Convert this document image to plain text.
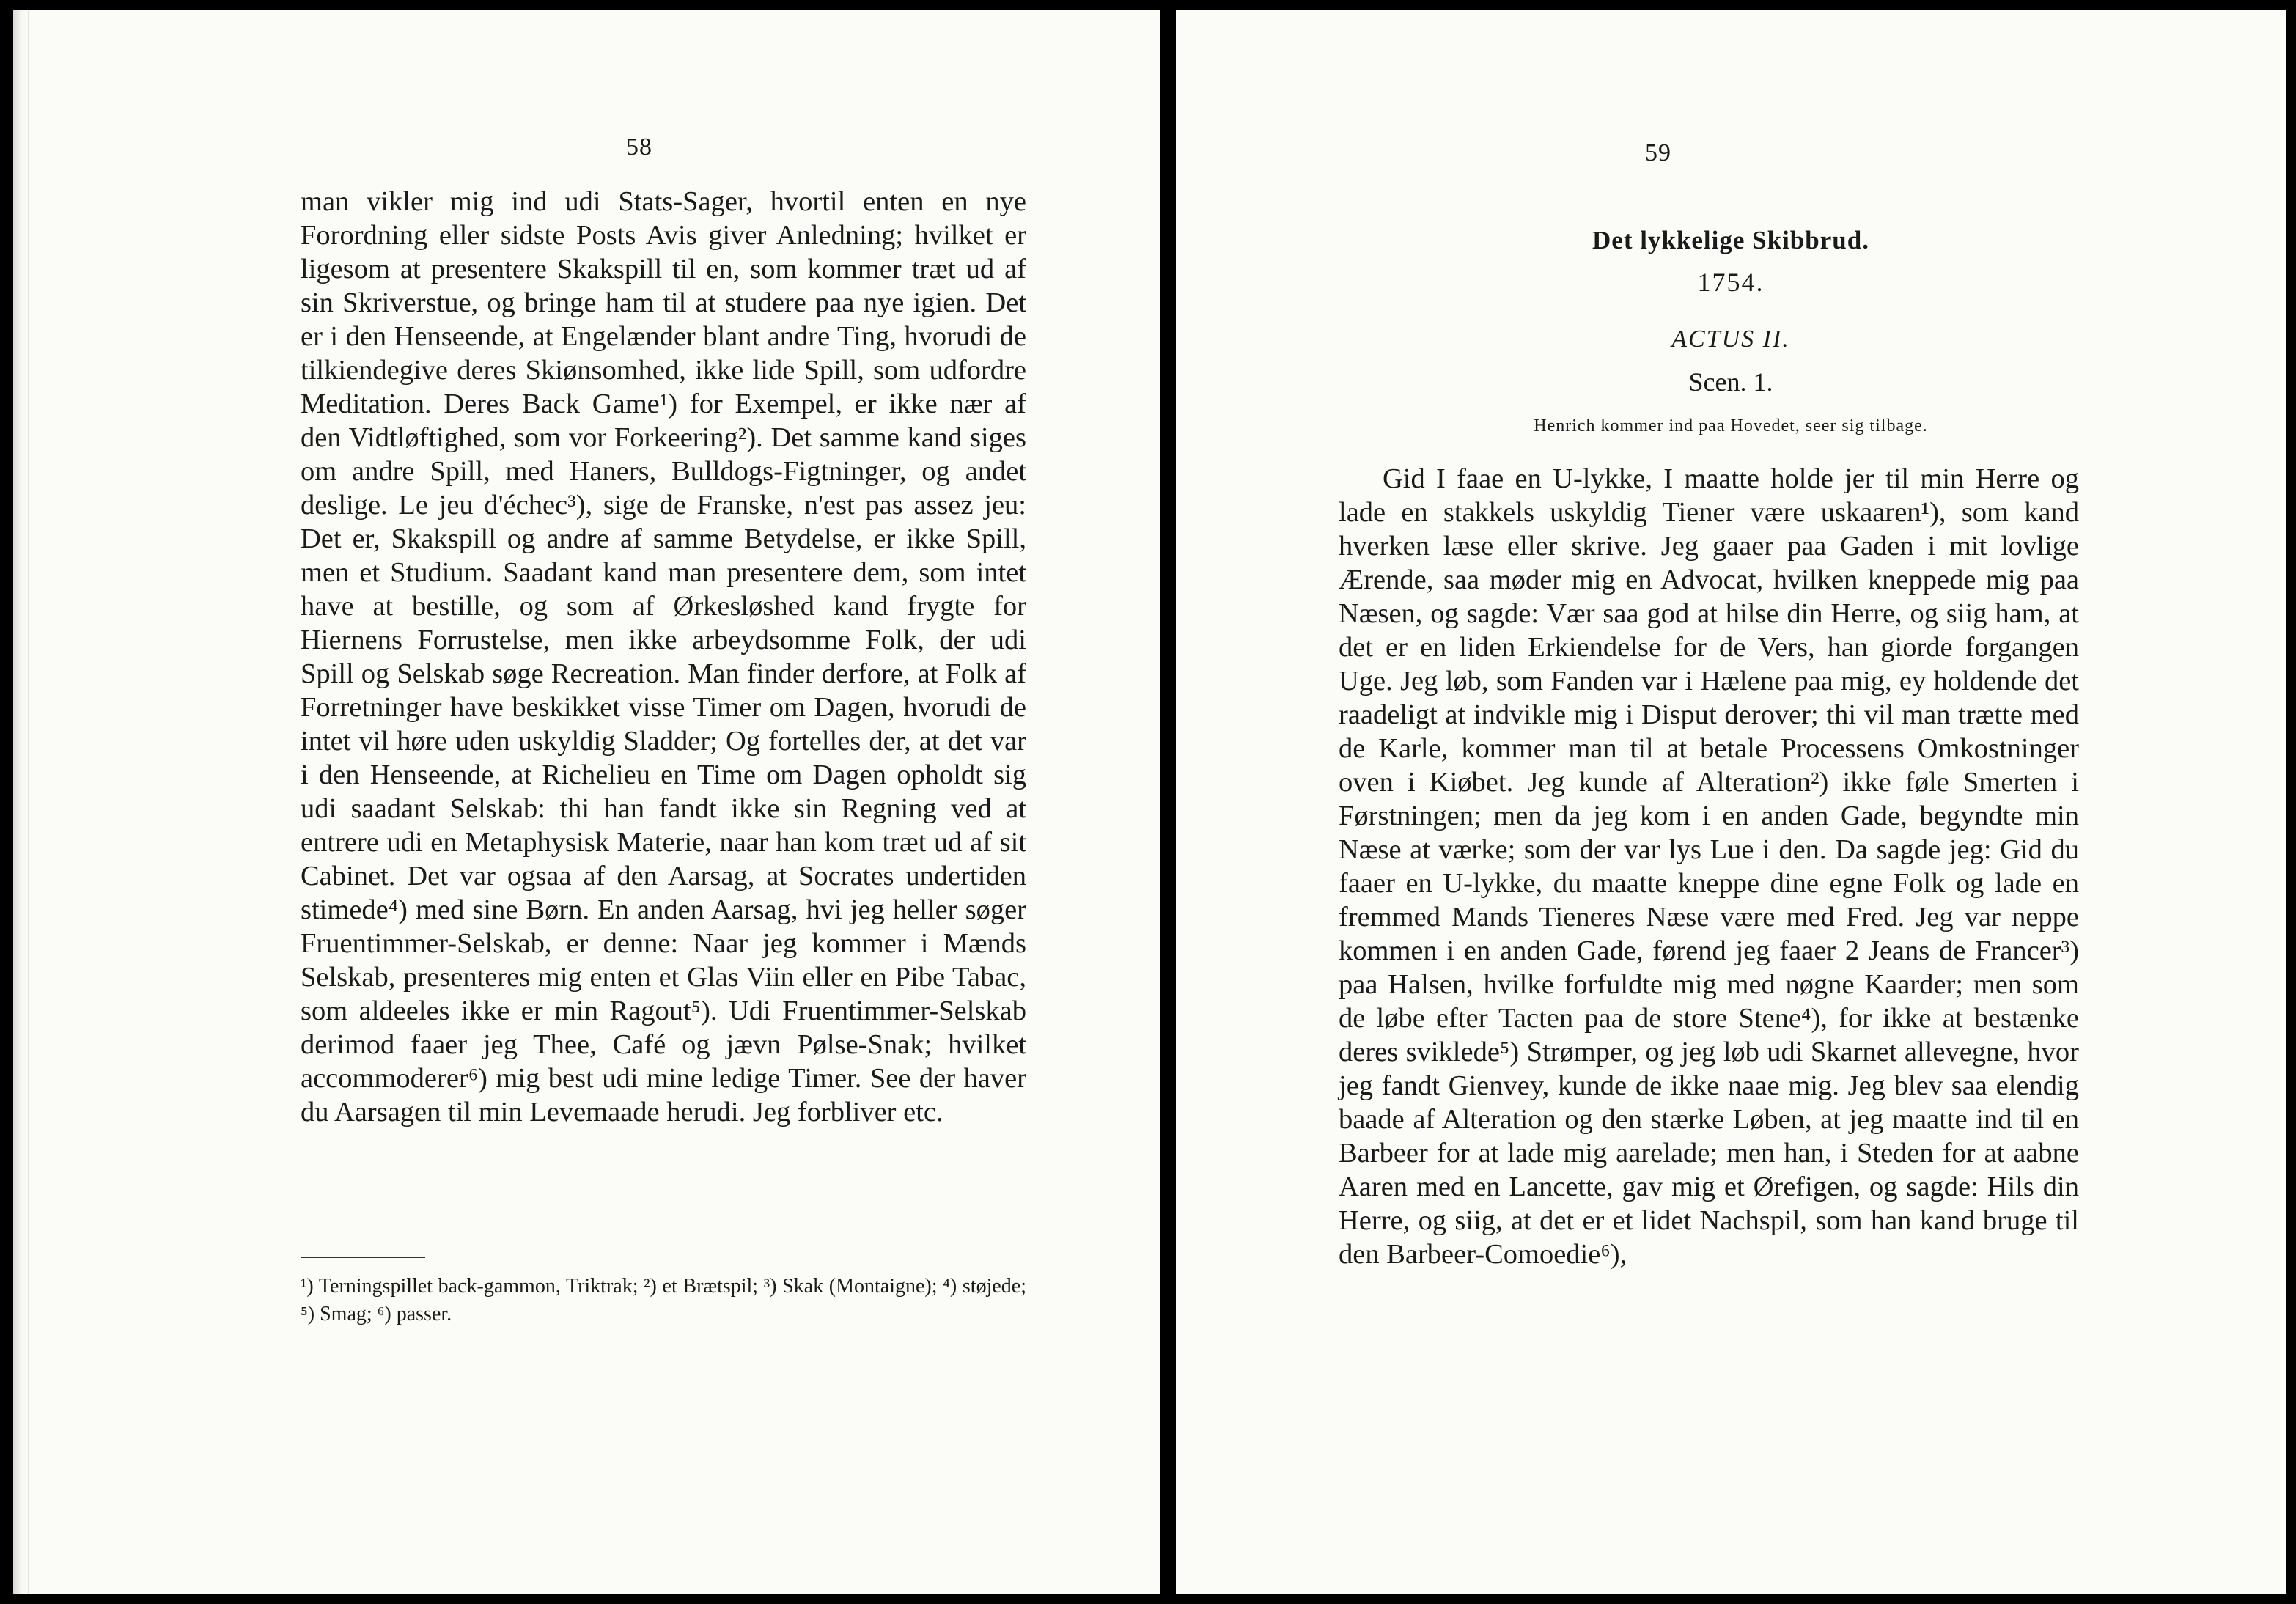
58

man vikler mig ind udi Stats-Sager, hvortil enten en nye Forordning eller sidste Posts Avis giver Anledning; hvilket er ligesom at presentere Skakspill til en, som kommer træt ud af sin Skriverstue, og bringe ham til at studere paa nye igien. Det er i den Henseende, at Engelænder blant andre Ting, hvorudi de tilkiendegive deres Skiønsomhed, ikke lide Spill, som udfordre Meditation. Deres Back Game¹) for Exempel, er ikke nær af den Vidtløftighed, som vor Forkeering²). Det samme kand siges om andre Spill, med Haners, Bulldogs-Figtninger, og andet deslige. Le jeu d'échec³), sige de Franske, n'est pas assez jeu: Det er, Skakspill og andre af samme Betydelse, er ikke Spill, men et Studium. Saadant kand man presentere dem, som intet have at bestille, og som af Ørkesløshed kand frygte for Hiernens Forrustelse, men ikke arbeydsomme Folk, der udi Spill og Selskab søge Recreation. Man finder derfore, at Folk af Forretninger have beskikket visse Timer om Dagen, hvorudi de intet vil høre uden uskyldig Sladder; Og fortelles der, at det var i den Henseende, at Richelieu en Time om Dagen opholdt sig udi saadant Selskab: thi han fandt ikke sin Regning ved at entrere udi en Metaphysisk Materie, naar han kom træt ud af sit Cabinet. Det var ogsaa af den Aarsag, at Socrates undertiden stimede⁴) med sine Børn. En anden Aarsag, hvi jeg heller søger Fruentimmer-Selskab, er denne: Naar jeg kommer i Mænds Selskab, presenteres mig enten et Glas Viin eller en Pibe Tabac, som aldeeles ikke er min Ragout⁵). Udi Fruentimmer-Selskab derimod faaer jeg Thee, Café og jævn Pølse-Snak; hvilket accommoderer⁶) mig best udi mine ledige Timer. See der haver du Aarsagen til min Levemaade herudi. Jeg forbliver etc.

¹) Terningspillet back-gammon, Triktrak; ²) et Brætspil; ³) Skak (Montaigne); ⁴) støjede; ⁵) Smag; ⁶) passer.
59
Det lykkelige Skibbrud.
1754.
ACTUS II.
Scen. 1.
Henrich kommer ind paa Hovedet, seer sig tilbage.

Gid I faae en U-lykke, I maatte holde jer til min Herre og lade en stakkels uskyldig Tiener være uskaaren¹), som kand hverken læse eller skrive. Jeg gaaer paa Gaden i mit lovlige Ærende, saa møder mig en Advocat, hvilken kneppede mig paa Næsen, og sagde: Vær saa god at hilse din Herre, og siig ham, at det er en liden Erkiendelse for de Vers, han giorde forgangen Uge. Jeg løb, som Fanden var i Hælene paa mig, ey holdende det raadeligt at indvikle mig i Disput derover; thi vil man trætte med de Karle, kommer man til at betale Processens Omkostninger oven i Kiøbet. Jeg kunde af Alteration²) ikke føle Smerten i Førstningen; men da jeg kom i en anden Gade, begyndte min Næse at værke; som der var lys Lue i den. Da sagde jeg: Gid du faaer en U-lykke, du maatte kneppe dine egne Folk og lade en fremmed Mands Tieneres Næse være med Fred. Jeg var neppe kommen i en anden Gade, førend jeg faaer 2 Jeans de Francer³) paa Halsen, hvilke forfuldte mig med nøgne Kaarder; men som de løbe efter Tacten paa de store Stene⁴), for ikke at bestænke deres sviklede⁵) Strømper, og jeg løb udi Skarnet allevegne, hvor jeg fandt Gienvey, kunde de ikke naae mig. Jeg blev saa elendig baade af Alteration og den stærke Løben, at jeg maatte ind til en Barbeer for at lade mig aarelade; men han, i Steden for at aabne Aaren med en Lancette, gav mig et Ørefigen, og sagde: Hils din Herre, og siig, at det er et lidet Nachspil, som han kand bruge til den Barbeer-Comoedie⁶),
